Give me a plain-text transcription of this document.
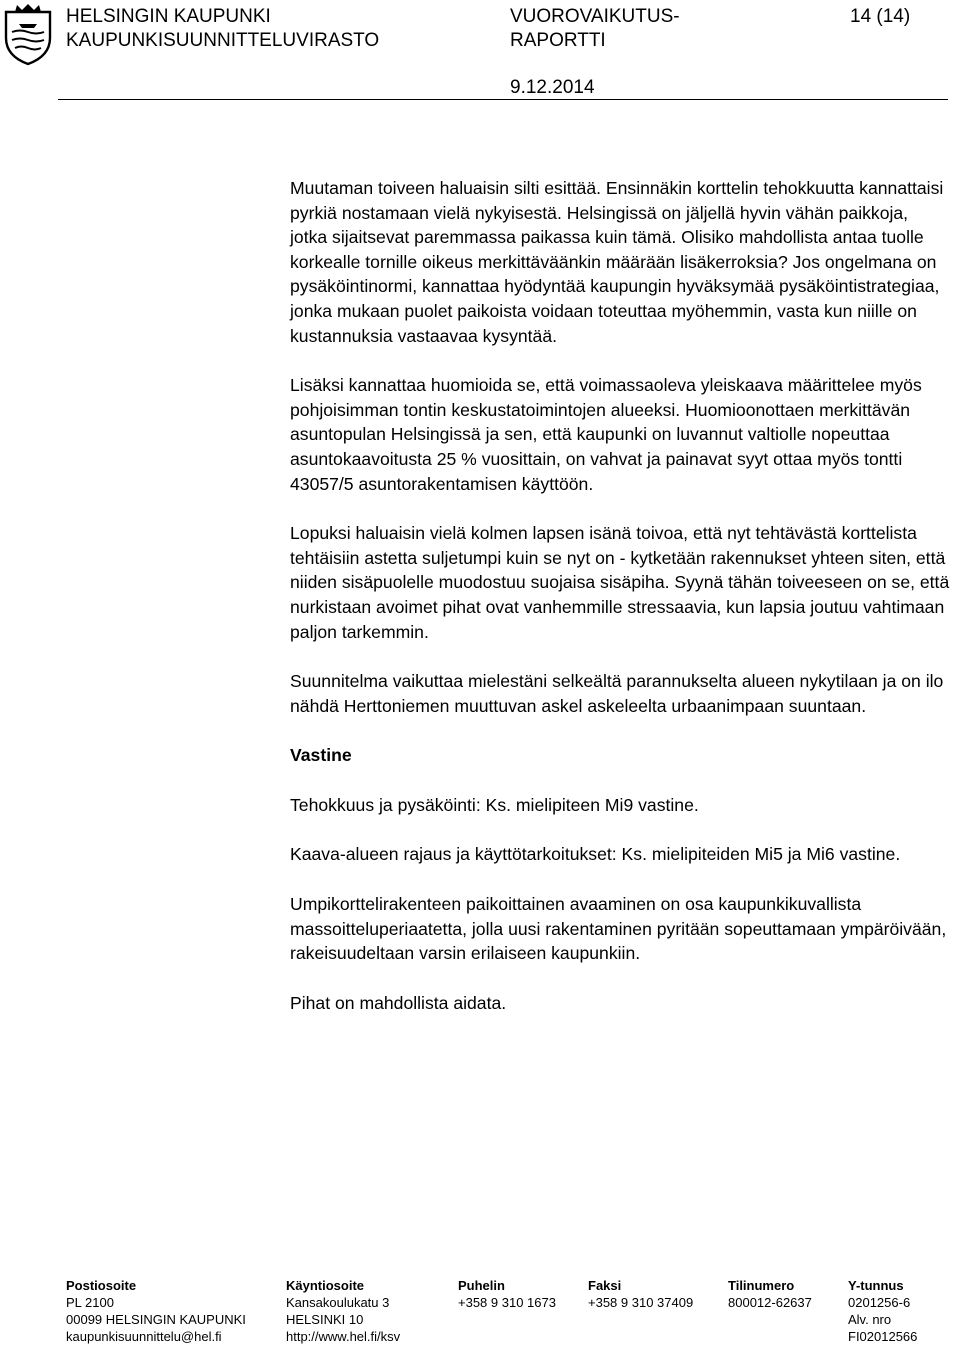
HELSINGIN KAUPUNKI
KAUPUNKISUUNNITTELUVIRASTO
VUOROVAIKUTUS-
RAPORTTI
14 (14)
9.12.2014

Muutaman toiveen haluaisin silti esittää. Ensinnäkin korttelin tehokkuutta kannattaisi pyrkiä nostamaan vielä nykyisestä. Helsingissä on jäljellä hyvin vähän paikkoja, jotka sijaitsevat paremmassa paikassa kuin tämä. Olisiko mahdollista antaa tuolle korkealle tornille oikeus merkittäväänkin määrään lisäkerroksia? Jos ongelmana on pysäköintinormi, kannattaa hyödyntää kaupungin hyväksymää pysäköintistrategiaa, jonka mukaan puolet paikoista voidaan toteuttaa myöhemmin, vasta kun niille on kustannuksia vastaavaa kysyntää.

Lisäksi kannattaa huomioida se, että voimassaoleva yleiskaava määrittelee myös pohjoisimman tontin keskustatoimintojen alueeksi. Huomioonottaen merkittävän asuntopulan Helsingissä ja sen, että kaupunki on luvannut valtiolle nopeuttaa asuntokaavoitusta 25 % vuosittain, on vahvat ja painavat syyt ottaa myös tontti 43057/5 asuntorakentamisen käyttöön.

Lopuksi haluaisin vielä kolmen lapsen isänä toivoa, että nyt tehtävästä korttelista tehtäisiin astetta suljetumpi kuin se nyt on - kytketään rakennukset yhteen siten, että niiden sisäpuolelle muodostuu suojaisa sisäpiha. Syynä tähän toiveeseen on se, että nurkistaan avoimet pihat ovat vanhemmille stressaavia, kun lapsia joutuu vahtimaan paljon tarkemmin.

Suunnitelma vaikuttaa mielestäni selkeältä parannukselta alueen nykytilaan ja on ilo nähdä Herttoniemen muuttuvan askel askeleelta urbaanimpaan suuntaan.

Vastine

Tehokkuus ja pysäköinti: Ks. mielipiteen Mi9 vastine.

Kaava-alueen rajaus ja käyttötarkoitukset: Ks. mielipiteiden Mi5 ja Mi6 vastine.

Umpikorttelirakenteen paikoittainen avaaminen on osa kaupunkikuvallista massoitteluperiaatetta, jolla uusi rakentaminen pyritään sopeuttamaan ympäröivään, rakeisuudeltaan varsin erilaiseen kaupunkiin.

Pihat on mahdollista aidata.

Postiosoite
PL 2100
00099 HELSINGIN KAUPUNKI
kaupunkisuunnittelu@hel.fi
Käyntiosoite
Kansakoulukatu 3
HELSINKI 10
http://www.hel.fi/ksv
Puhelin
+358 9 310 1673
Faksi
+358 9 310 37409
Tilinumero
800012-62637
Y-tunnus
0201256-6
Alv. nro
FI02012566
